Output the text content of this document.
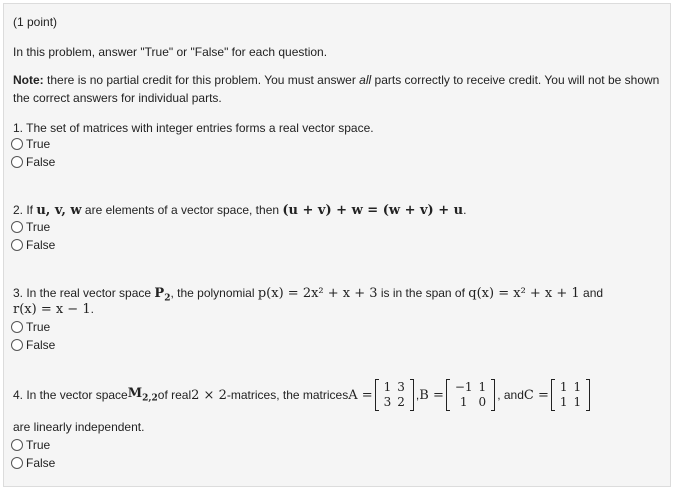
(1 point)
In this problem, answer "True" or "False" for each question.
Note: there is no partial credit for this problem. You must answer all parts correctly to receive credit. You will not be shown
the correct answers for individual parts.
1. The set of matrices with integer entries forms a real vector space.
True
False
2. If u, v, w are elements of a vector space, then (u + v) + w = (w + v) + u.
True
False
3. In the real vector space $P_2$, the polynomial p(x) = 2x² + x + 3 is in the span of q(x) = x² + x + 1 and
r(x) = x − 1.
True
False
4. In the vector space $M_{2,2}$ of real 2 × 2 -matrices, the matrices A =
1	3
3	2 , B =
−1	1
1	0 , and C =
1	1
1	1
are linearly independent.
True
False
